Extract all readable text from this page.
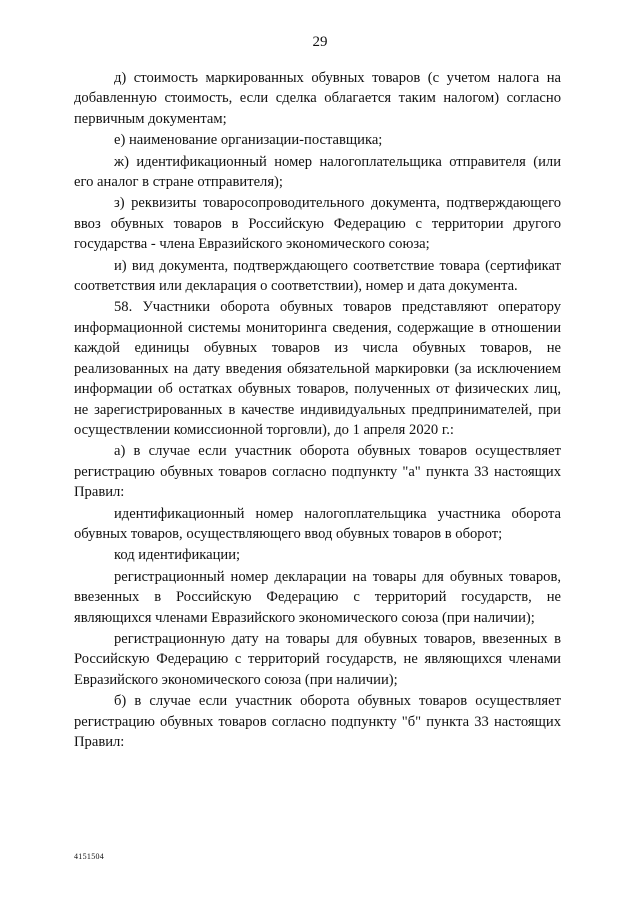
29

д) стоимость маркированных обувных товаров (с учетом налога на добавленную стоимость, если сделка облагается таким налогом) согласно первичным документам;

е) наименование организации-поставщика;

ж) идентификационный номер налогоплательщика отправителя (или его аналог в стране отправителя);

з) реквизиты товаросопроводительного документа, подтверждающего ввоз обувных товаров в Российскую Федерацию с территории другого государства - члена Евразийского экономического союза;

и) вид документа, подтверждающего соответствие товара (сертификат соответствия или декларация о соответствии), номер и дата документа.

58. Участники оборота обувных товаров представляют оператору информационной системы мониторинга сведения, содержащие в отношении каждой единицы обувных товаров из числа обувных товаров, не реализованных на дату введения обязательной маркировки (за исключением информации об остатках обувных товаров, полученных от физических лиц, не зарегистрированных в качестве индивидуальных предпринимателей, при осуществлении комиссионной торговли), до 1 апреля 2020 г.:

а) в случае если участник оборота обувных товаров осуществляет регистрацию обувных товаров согласно подпункту "а" пункта 33 настоящих Правил:

идентификационный номер налогоплательщика участника оборота обувных товаров, осуществляющего ввод обувных товаров в оборот;

код идентификации;

регистрационный номер декларации на товары для обувных товаров, ввезенных в Российскую Федерацию с территорий государств, не являющихся членами Евразийского экономического союза (при наличии);

регистрационную дату на товары для обувных товаров, ввезенных в Российскую Федерацию с территорий государств, не являющихся членами Евразийского экономического союза (при наличии);

б) в случае если участник оборота обувных товаров осуществляет регистрацию обувных товаров согласно подпункту "б" пункта 33 настоящих Правил:

4151504
